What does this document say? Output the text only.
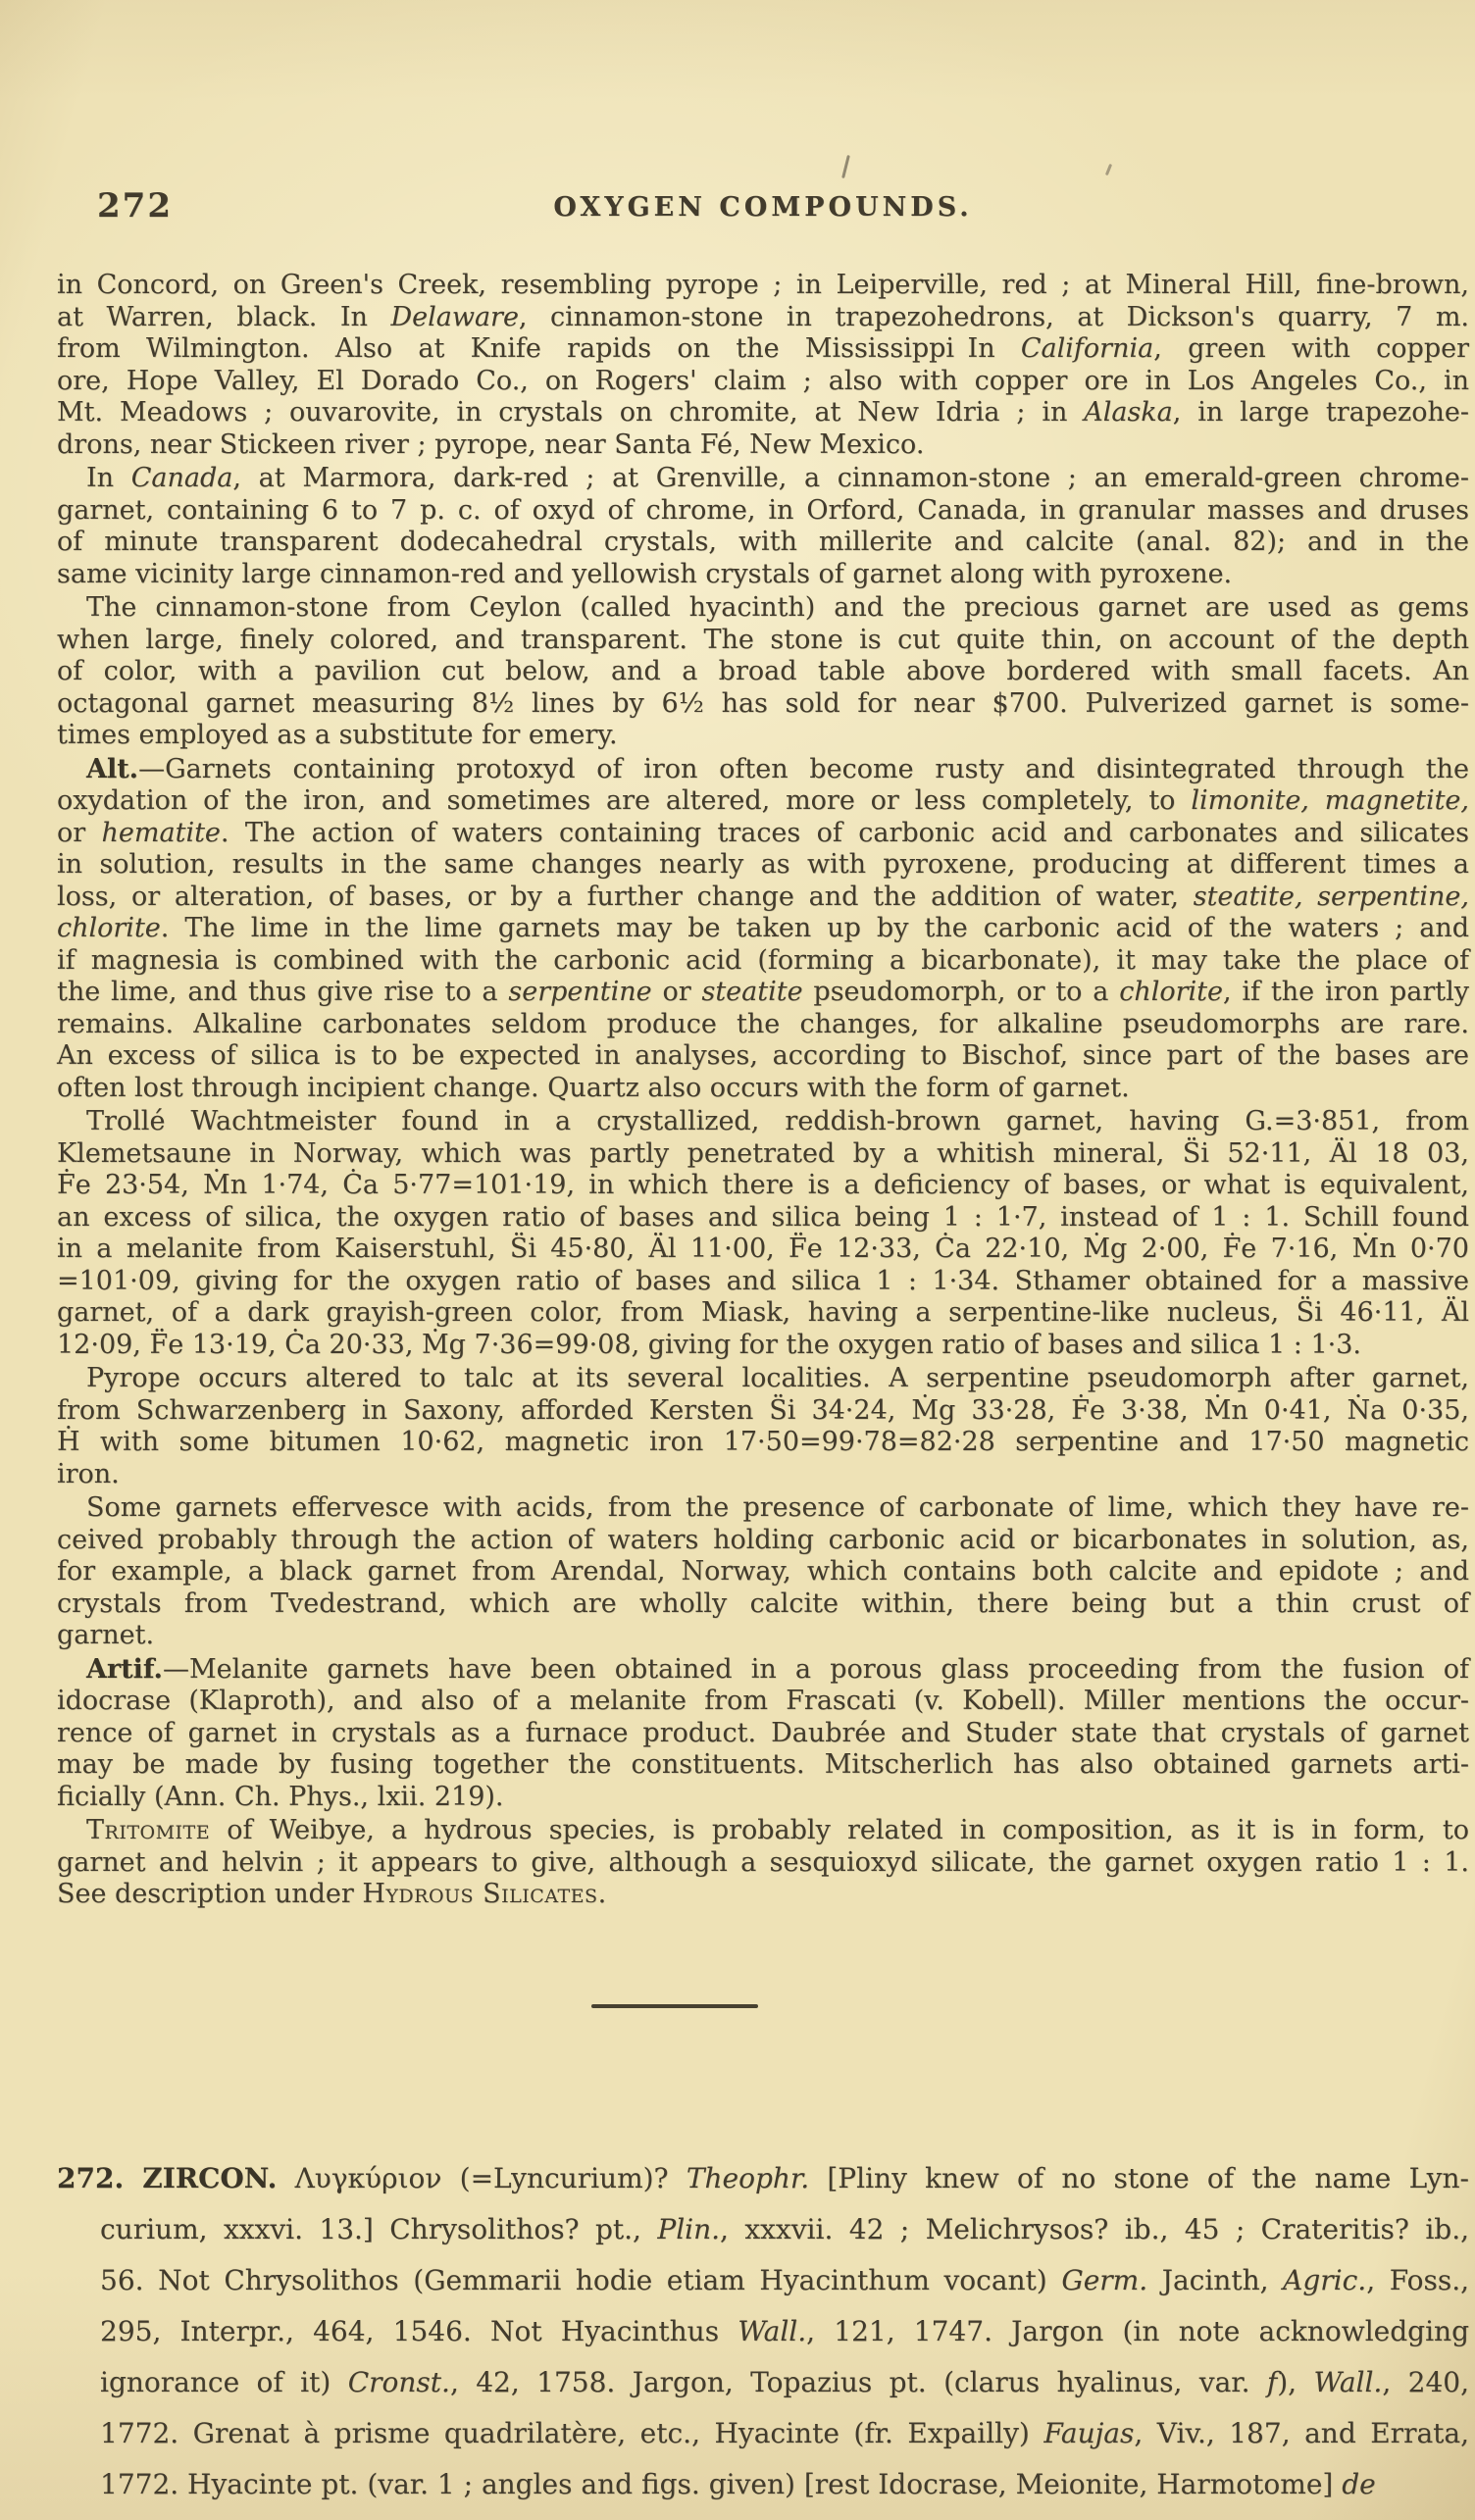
272	OXYGEN COMPOUNDS.

in Concord, on Green's Creek, resembling pyrope ; in Leiperville, red ; at Mineral Hill, fine-brown,
at Warren, black. In Delaware, cinnamon-stone in trapezohedrons, at Dickson's quarry, 7 m.
from Wilmington. Also at Knife rapids on the Mississippi In California, green with copper
ore, Hope Valley, El Dorado Co., on Rogers' claim ; also with copper ore in Los Angeles Co., in
Mt. Meadows ; ouvarovite, in crystals on chromite, at New Idria ; in Alaska, in large trapezohe-
drons, near Stickeen river ; pyrope, near Santa Fé, New Mexico.

In Canada, at Marmora, dark-red ; at Grenville, a cinnamon-stone ; an emerald-green chrome-
garnet, containing 6 to 7 p. c. of oxyd of chrome, in Orford, Canada, in granular masses and druses
of minute transparent dodecahedral crystals, with millerite and calcite (anal. 82); and in the
same vicinity large cinnamon-red and yellowish crystals of garnet along with pyroxene.

The cinnamon-stone from Ceylon (called hyacinth) and the precious garnet are used as gems
when large, finely colored, and transparent. The stone is cut quite thin, on account of the depth
of color, with a pavilion cut below, and a broad table above bordered with small facets. An
octagonal garnet measuring 8½ lines by 6½ has sold for near $700. Pulverized garnet is some-
times employed as a substitute for emery.

Alt.—Garnets containing protoxyd of iron often become rusty and disintegrated through the
oxydation of the iron, and sometimes are altered, more or less completely, to limonite, magnetite,
or hematite. The action of waters containing traces of carbonic acid and carbonates and silicates
in solution, results in the same changes nearly as with pyroxene, producing at different times a
loss, or alteration, of bases, or by a further change and the addition of water, steatite, serpentine,
chlorite. The lime in the lime garnets may be taken up by the carbonic acid of the waters ; and
if magnesia is combined with the carbonic acid (forming a bicarbonate), it may take the place of
the lime, and thus give rise to a serpentine or steatite pseudomorph, or to a chlorite, if the iron partly
remains. Alkaline carbonates seldom produce the changes, for alkaline pseudomorphs are rare.
An excess of silica is to be expected in analyses, according to Bischof, since part of the bases are
often lost through incipient change. Quartz also occurs with the form of garnet.

Trollé Wachtmeister found in a crystallized, reddish-brown garnet, having G.=3·851, from
Klemetsaune in Norway, which was partly penetrated by a whitish mineral, S̈i 52·11, Äl 18 03,
Ḟe 23·54, Ṁn 1·74, Ċa 5·77=101·19, in which there is a deficiency of bases, or what is equivalent,
an excess of silica, the oxygen ratio of bases and silica being 1 : 1·7, instead of 1 : 1. Schill found
in a melanite from Kaiserstuhl, S̈i 45·80, Äl 11·00, F̈e 12·33, Ċa 22·10, Ṁg 2·00, Ḟe 7·16, Ṁn 0·70
=101·09, giving for the oxygen ratio of bases and silica 1 : 1·34. Sthamer obtained for a massive
garnet, of a dark grayish-green color, from Miask, having a serpentine-like nucleus, S̈i 46·11, Äl
12·09, F̈e 13·19, Ċa 20·33, Ṁg 7·36=99·08, giving for the oxygen ratio of bases and silica 1 : 1·3.

Pyrope occurs altered to talc at its several localities. A serpentine pseudomorph after garnet,
from Schwarzenberg in Saxony, afforded Kersten S̈i 34·24, Ṁg 33·28, Ḟe 3·38, Ṁn 0·41, Ṅa 0·35,
Ḣ with some bitumen 10·62, magnetic iron 17·50=99·78=82·28 serpentine and 17·50 magnetic
iron.

Some garnets effervesce with acids, from the presence of carbonate of lime, which they have re-
ceived probably through the action of waters holding carbonic acid or bicarbonates in solution, as,
for example, a black garnet from Arendal, Norway, which contains both calcite and epidote ; and
crystals from Tvedestrand, which are wholly calcite within, there being but a thin crust of
garnet.

Artif.—Melanite garnets have been obtained in a porous glass proceeding from the fusion of
idocrase (Klaproth), and also of a melanite from Frascati (v. Kobell). Miller mentions the occur-
rence of garnet in crystals as a furnace product. Daubrée and Studer state that crystals of garnet
may be made by fusing together the constituents. Mitscherlich has also obtained garnets arti-
ficially (Ann. Ch. Phys., lxii. 219).

Tritomite of Weibye, a hydrous species, is probably related in composition, as it is in form, to
garnet and helvin ; it appears to give, although a sesquioxyd silicate, the garnet oxygen ratio 1 : 1.
See description under Hydrous Silicates.

272. ZIRCON. Λυγκύριον (=Lyncurium)? Theophr. [Pliny knew of no stone of the name Lyn-
curium, xxxvi. 13.] Chrysolithos? pt., Plin., xxxvii. 42 ; Melichrysos? ib., 45 ; Crateritis? ib.,
56. Not Chrysolithos (Gemmarii hodie etiam Hyacinthum vocant) Germ. Jacinth, Agric., Foss.,
295, Interpr., 464, 1546. Not Hyacinthus Wall., 121, 1747. Jargon (in note acknowledging
ignorance of it) Cronst., 42, 1758. Jargon, Topazius pt. (clarus hyalinus, var. f), Wall., 240,
1772. Grenat à prisme quadrilatère, etc., Hyacinte (fr. Expailly) Faujas, Viv., 187, and Errata,
1772. Hyacinte pt. (var. 1 ; angles and figs. given) [rest Idocrase, Meionite, Harmotome] de
